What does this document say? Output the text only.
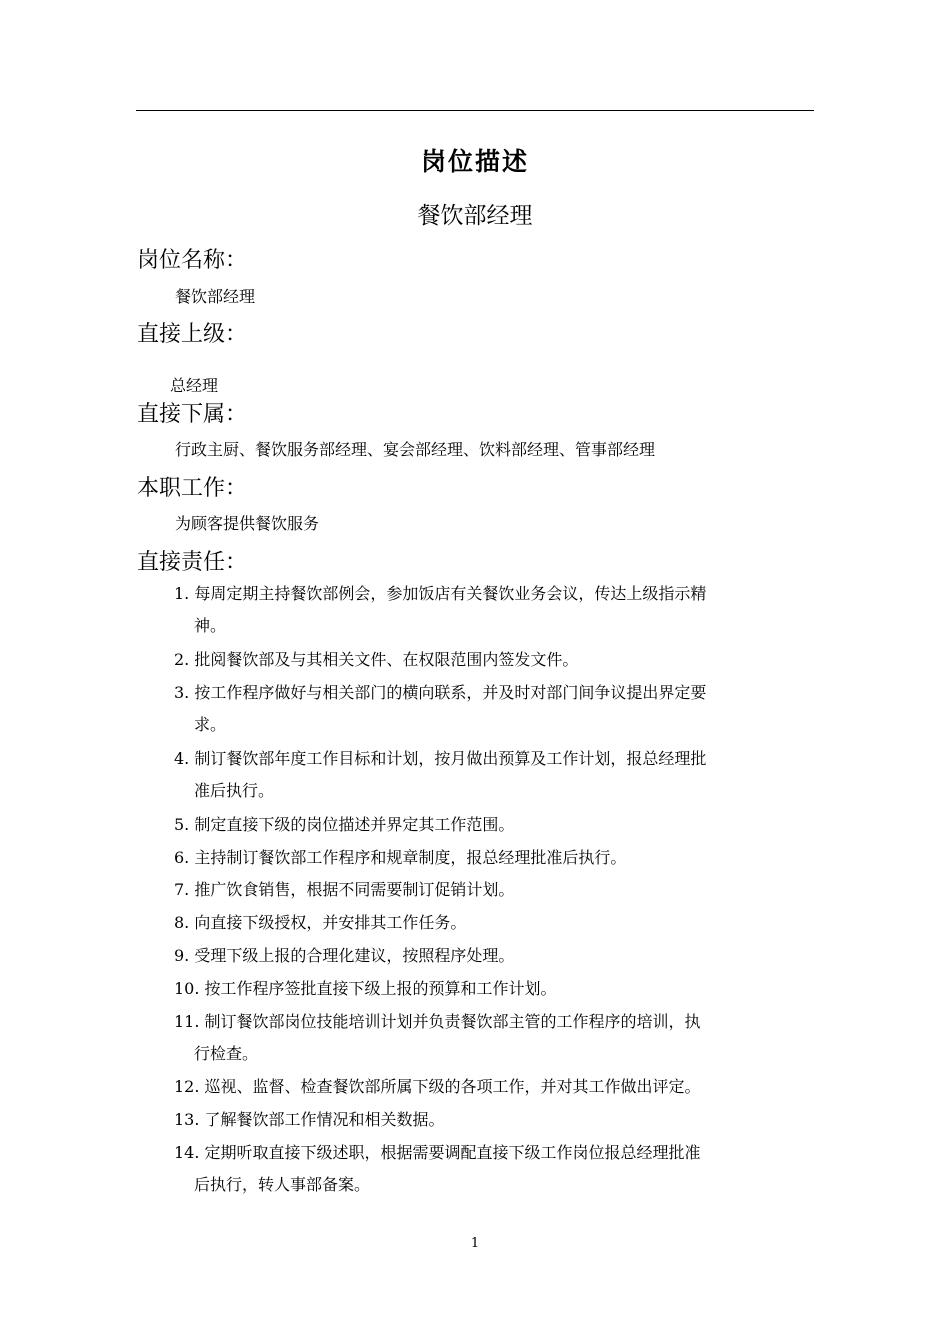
岗位描述
餐饮部经理
岗位名称：
餐饮部经理
直接上级：
总经理
直接下属：
行政主厨、餐饮服务部经理、宴会部经理、饮料部经理、管事部经理
本职工作：
为顾客提供餐饮服务
直接责任：
1. 每周定期主持餐饮部例会，参加饭店有关餐饮业务会议，传达上级指示精
神。
2. 批阅餐饮部及与其相关文件、在权限范围内签发文件。
3. 按工作程序做好与相关部门的横向联系，并及时对部门间争议提出界定要
求。
4. 制订餐饮部年度工作目标和计划，按月做出预算及工作计划，报总经理批
准后执行。
5. 制定直接下级的岗位描述并界定其工作范围。
6. 主持制订餐饮部工作程序和规章制度，报总经理批准后执行。
7. 推广饮食销售，根据不同需要制订促销计划。
8. 向直接下级授权，并安排其工作任务。
9. 受理下级上报的合理化建议，按照程序处理。
10. 按工作程序签批直接下级上报的预算和工作计划。
11. 制订餐饮部岗位技能培训计划并负责餐饮部主管的工作程序的培训，执
行检查。
12. 巡视、监督、检查餐饮部所属下级的各项工作，并对其工作做出评定。
13. 了解餐饮部工作情况和相关数据。
14. 定期听取直接下级述职，根据需要调配直接下级工作岗位报总经理批准
后执行，转人事部备案。
1
